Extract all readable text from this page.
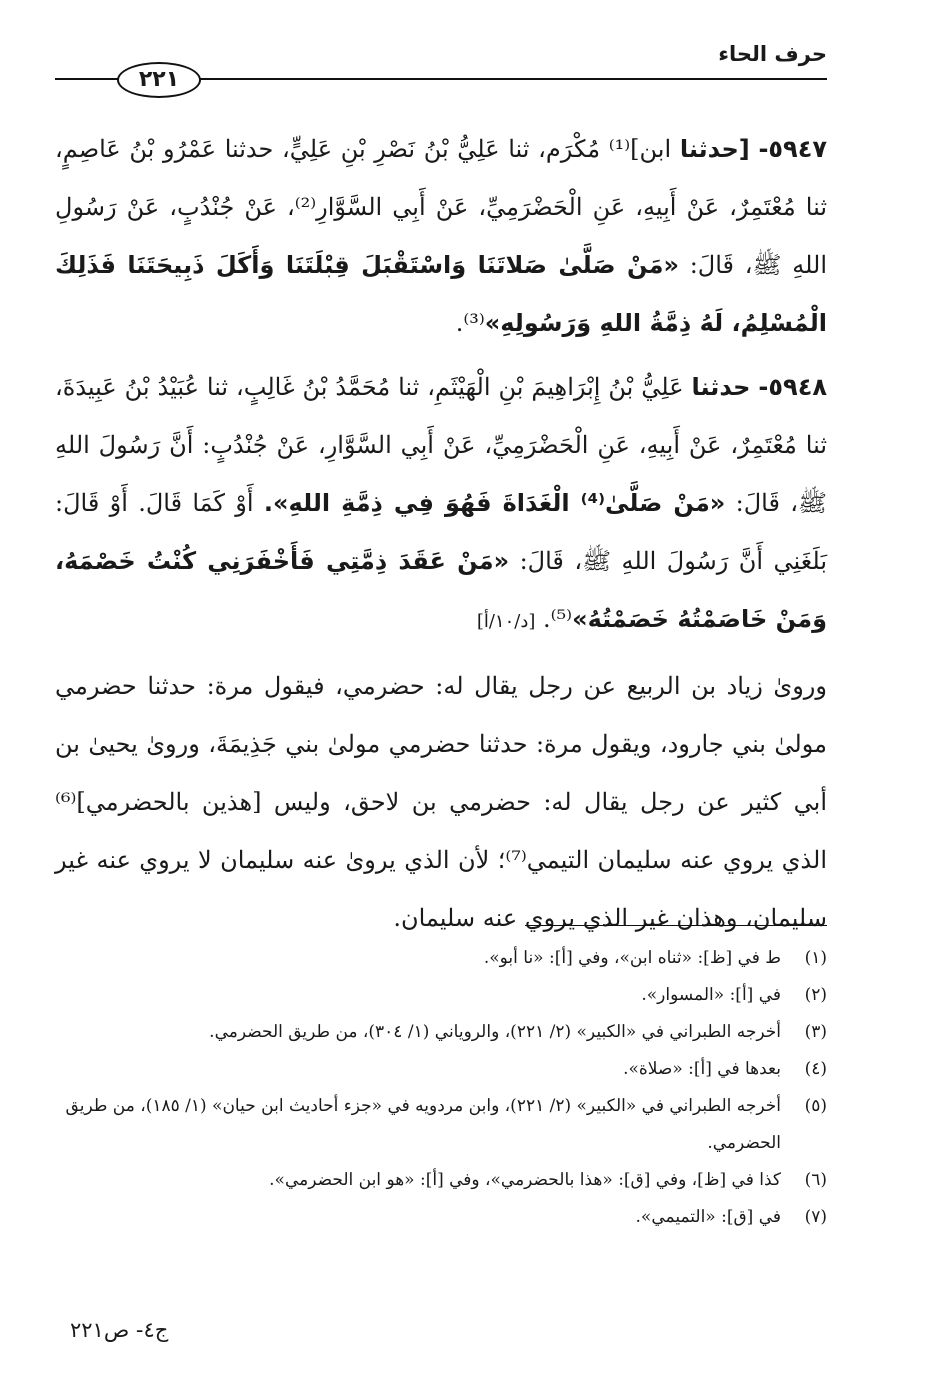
حرف الحاء
٢٢١

٥٩٤٧- [حدثنا ابن]⁽¹⁾ مُكْرَم، ثنا عَلِيُّ بْنُ نَصْرِ بْنِ عَلِيٍّ، حدثنا عَمْرُو بْنُ عَاصِمٍ، ثنا مُعْتَمِرٌ، عَنْ أَبِيهِ، عَنِ الْحَضْرَمِيِّ، عَنْ أَبِي السَّوَّارِ⁽²⁾، عَنْ جُنْدُبٍ، عَنْ رَسُولِ اللهِ ﷺ، قَالَ: «مَنْ صَلَّىٰ صَلاتَنَا وَاسْتَقْبَلَ قِبْلَتَنَا وَأَكَلَ ذَبِيحَتَنَا فَذَلِكَ الْمُسْلِمُ، لَهُ ذِمَّةُ اللهِ وَرَسُولِهِ»⁽³⁾.

٥٩٤٨- حدثنا عَلِيُّ بْنُ إِبْرَاهِيمَ بْنِ الْهَيْثَمِ، ثنا مُحَمَّدُ بْنُ غَالِبٍ، ثنا عُبَيْدُ بْنُ عَبِيدَةَ، ثنا مُعْتَمِرٌ، عَنْ أَبِيهِ، عَنِ الْحَضْرَمِيِّ، عَنْ أَبِي السَّوَّارِ، عَنْ جُنْدُبٍ: أَنَّ رَسُولَ اللهِ ﷺ، قَالَ: «مَنْ صَلَّىٰ⁽⁴⁾ الْغَدَاةَ فَهُوَ فِي ذِمَّةِ اللهِ». أَوْ كَمَا قَالَ. أَوْ قَالَ: بَلَغَنِي أَنَّ رَسُولَ اللهِ ﷺ، قَالَ: «مَنْ عَقَدَ ذِمَّتِي فَأَخْفَرَنِي كُنْتُ خَصْمَهُ، وَمَنْ خَاصَمْتُهُ خَصَمْتُهُ»⁽⁵⁾. [د/١٠/أ]

وروىٰ زياد بن الربيع عن رجل يقال له: حضرمي، فيقول مرة: حدثنا حضرمي مولىٰ بني جارود، ويقول مرة: حدثنا حضرمي مولىٰ بني جَذِيمَةَ، وروىٰ يحيىٰ بن أبي كثير عن رجل يقال له: حضرمي بن لاحق، وليس [هذين بالحضرمي]⁽⁶⁾ الذي يروي عنه سليمان التيمي⁽⁷⁾؛ لأن الذي يروىٰ عنه سليمان لا يروي عنه غير سليمان، وهذان غير الذي يروي عنه سليمان.

(١)
ط في [ظ]: «ثناه ابن»، وفي [أ]: «نا أبو».
(٢)
في [أ]: «المسوار».
(٣)
أخرجه الطبراني في «الكبير» (٢/ ٢٢١)، والروياني (١/ ٣٠٤)، من طريق الحضرمي.
(٤)
بعدها في [أ]: «صلاة».
(٥)
أخرجه الطبراني في «الكبير» (٢/ ٢٢١)، وابن مردويه في «جزء أحاديث ابن حيان» (١/ ١٨٥)، من طريق الحضرمي.
(٦)
كذا في [ظ]، وفي [ق]: «هذا بالحضرمي»، وفي [أ]: «هو ابن الحضرمي».
(٧)
في [ق]: «التميمي».
ج٤- ص٢٢١
